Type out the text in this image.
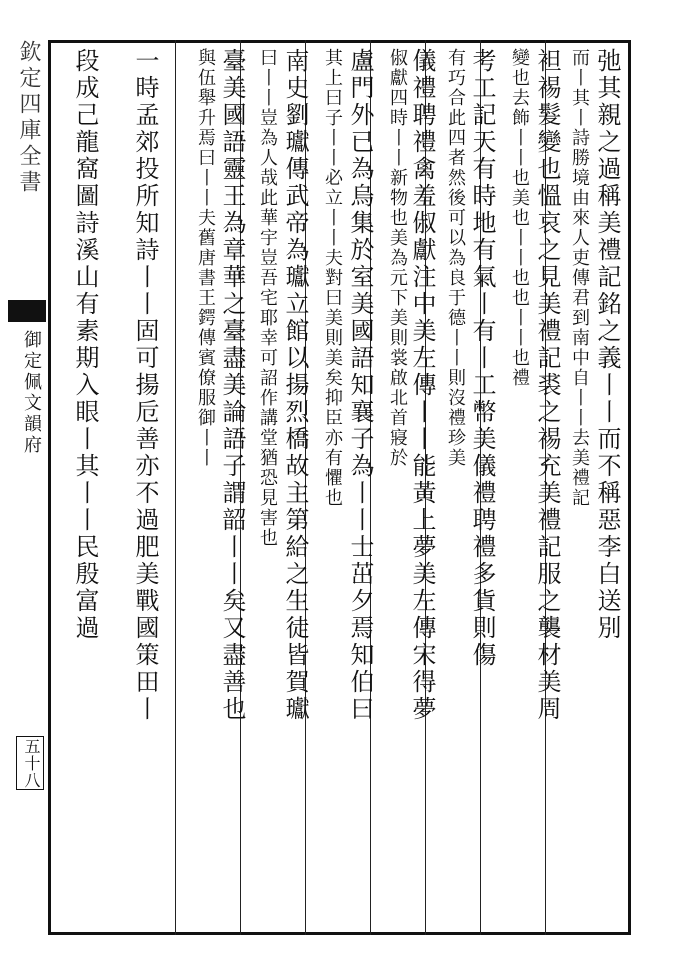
欽定四庫全書
御定佩文韻府
五十八
弛其親之過稱美禮記銘之義丨丨而不稱惡李白送別
而丨其丨詩勝境由來人吏傳君到南中自丨丨去美禮記
袒裼髮變也慍哀之見美禮記裘之裼充美禮記服之襲材美周
變也去飾丨丨也美也丨丨也也丨丨也禮
考工記天有時地有氣丨有丨工幣美儀禮聘禮多貨則傷
有巧合此四者然後可以為良于德丨丨則沒禮珍美
儀禮聘禮禽羞俶獻注中美左傳丨丨能黃上夢美左傳宋得夢
俶獻四時丨丨新物也美為元下美則裳啟北首寢於
盧門外已為烏集於室美國語知襄子為丨丨士茁夕焉知伯曰
其上曰子丨丨必立丨丨夫對曰美則美矣抑臣亦有懼也
南史劉瓛傳武帝為瓛立館以揚烈橋故主第給之生徒皆賀瓛
曰丨丨豈為人哉此華宇豈吾宅耶幸可詔作講堂猶恐見害也
臺美國語靈王為章華之臺盡美論語子謂韶丨丨矣又盡善也
與伍舉升焉曰丨丨夫舊唐書王鍔傳賓僚服御丨丨
一時孟郊投所知詩丨丨固可揚卮善亦不過肥美戰國策田丨
段成己龍窩圖詩溪山有素期入眼丨其丨丨民殷富過
